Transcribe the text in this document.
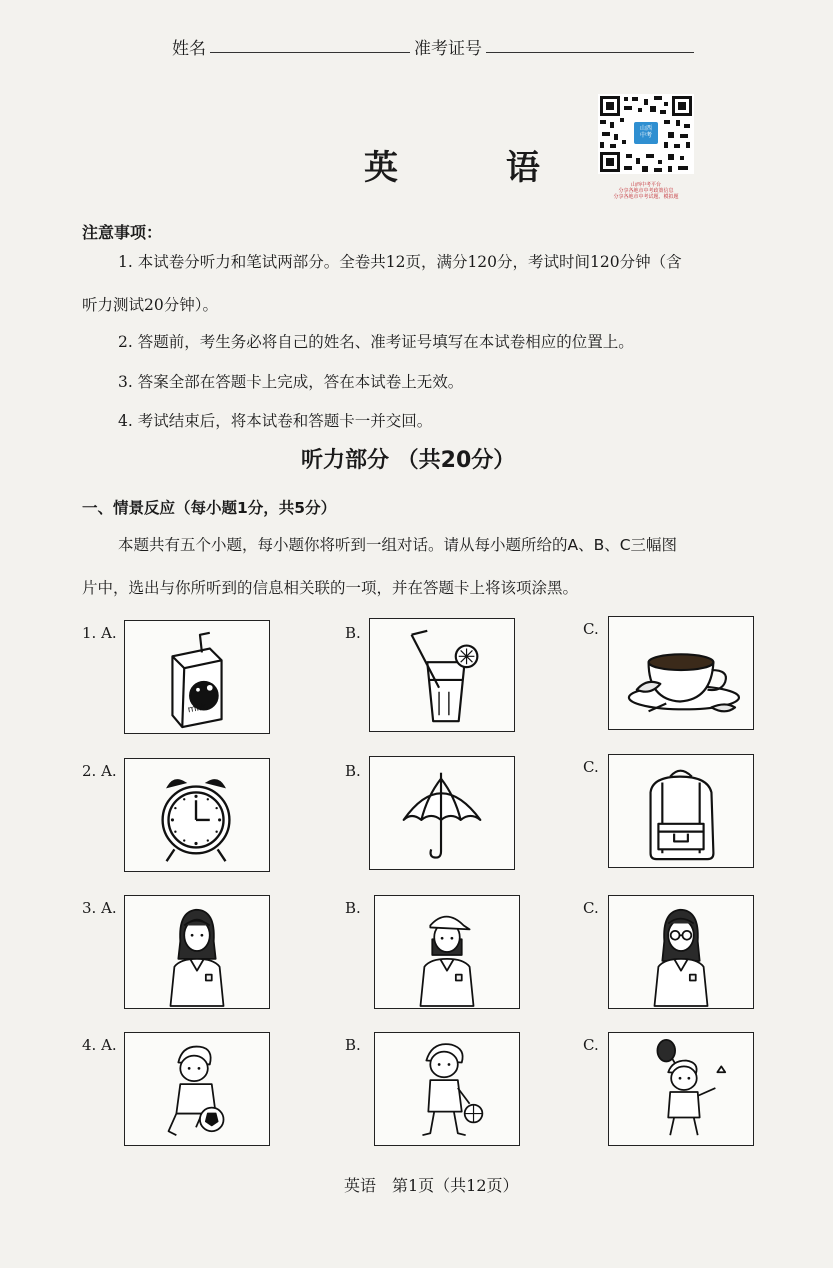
姓名	准考证号
英 语
山西
中考
山西中考平台
分享各地市中考政策信息
分享各地市中考试题、模拟题
注意事项：
1. 本试卷分听力和笔试两部分。全卷共12页，满分120分，考试时间120分钟（含
听力测试20分钟）。
2. 答题前，考生务必将自己的姓名、准考证号填写在本试卷相应的位置上。
3. 答案全部在答题卡上完成，答在本试卷上无效。
4. 考试结束后，将本试卷和答题卡一并交回。
听力部分 （共20分）
一、情景反应（每小题1分，共5分）
本题共有五个小题，每小题你将听到一组对话。请从每小题所给的A、B、C三幅图
片中，选出与你所听到的信息相关联的一项，并在答题卡上将该项涂黑。
1. A.
milk
B.	C.
2. A.	B.	C.
3. A.	B.	C.
4. A.	B.	C.
英语　第1页（共12页）
